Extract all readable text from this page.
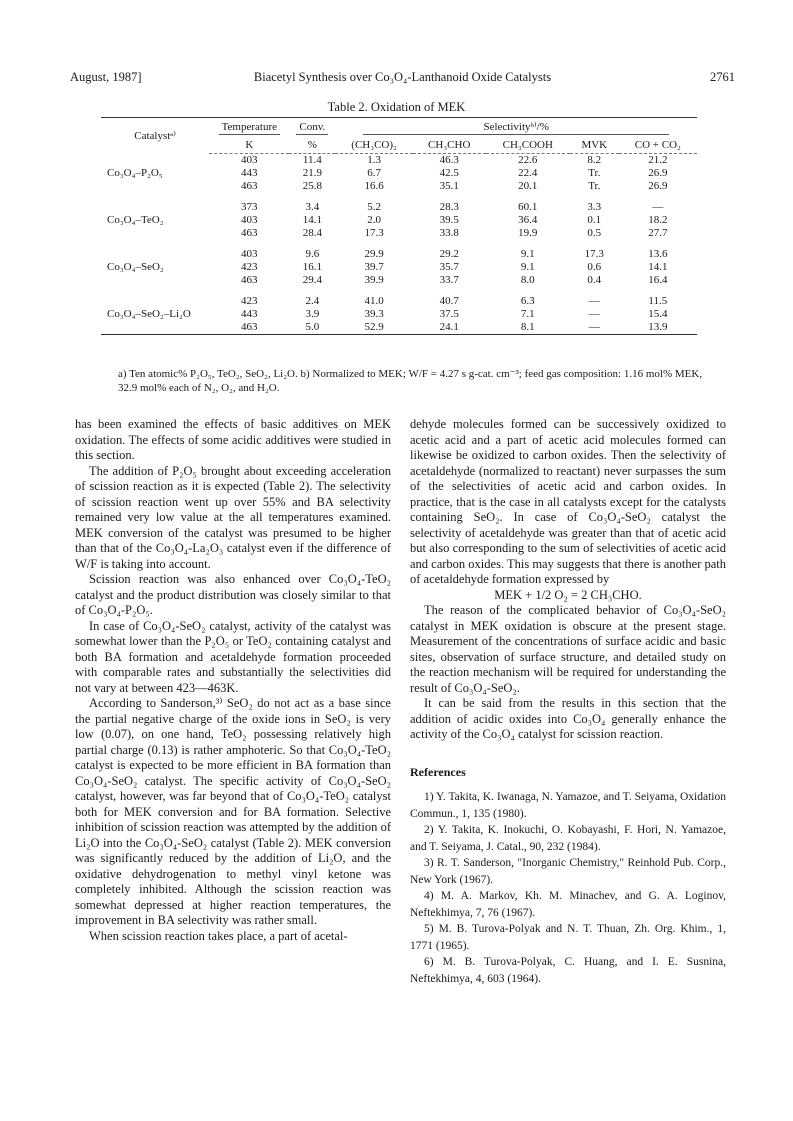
August, 1987]	Biacetyl Synthesis over Co₃O₄-Lanthanoid Oxide Catalysts	2761
Table 2. Oxidation of MEK
Catalystᵃ⁾	Temperature	Conv.	Selectivityᵇ⁾/%				
	K	%	(CH₃CO)₂	CH₃CHO	CH₃COOH	MVK	CO + CO₂
	403	11.4	1.3	46.3	22.6	8.2	21.2
Co₃O₄–P₂O₅	443	21.9	6.7	42.5	22.4	Tr.	26.9
	463	25.8	16.6	35.1	20.1	Tr.	26.9

	373	3.4	5.2	28.3	60.1	3.3	—
Co₃O₄–TeO₂	403	14.1	2.0	39.5	36.4	0.1	18.2
	463	28.4	17.3	33.8	19.9	0.5	27.7

	403	9.6	29.9	29.2	9.1	17.3	13.6
Co₃O₄–SeO₂	423	16.1	39.7	35.7	9.1	0.6	14.1
	463	29.4	39.9	33.7	8.0	0.4	16.4

	423	2.4	41.0	40.7	6.3	—	11.5
Co₃O₄–SeO₂–Li₂O	443	3.9	39.3	37.5	7.1	—	15.4
	463	5.0	52.9	24.1	8.1	—	13.9
a) Ten atomic% P₂O₅, TeO₂, SeO₂, Li₂O. b) Normalized to MEK; W/F = 4.27 s g-cat. cm⁻³; feed gas composition: 1.16 mol% MEK, 32.9 mol% each of N₂, O₂, and H₂O.

has been examined the effects of basic additives on MEK oxidation. The effects of some acidic additives were studied in this section.

The addition of P₂O₅ brought about exceeding acceleration of scission reaction as it is expected (Table 2). The selectivity of scission reaction went up over 55% and BA selectivity remained very low value at the all temperatures examined. MEK conversion of the catalyst was presumed to be higher than that of the Co₃O₄-La₂O₃ catalyst even if the difference of W/F is taking into account.

Scission reaction was also enhanced over Co₃O₄-TeO₂ catalyst and the product distribution was closely similar to that of Co₃O₄-P₂O₅.

In case of Co₃O₄-SeO₂ catalyst, activity of the catalyst was somewhat lower than the P₂O₅ or TeO₂ containing catalyst and both BA formation and acetaldehyde formation proceeded with comparable rates and substantially the selectivities did not vary at between 423—463K.

According to Sanderson,³⁾ SeO₂ do not act as a base since the partial negative charge of the oxide ions in SeO₂ is very low (0.07), on one hand, TeO₂ possessing relatively high partial charge (0.13) is rather amphoteric. So that Co₃O₄-TeO₂ catalyst is expected to be more efficient in BA formation than Co₃O₄-SeO₂ catalyst. The specific activity of Co₃O₄-SeO₂ catalyst, however, was far beyond that of Co₃O₄-TeO₂ catalyst both for MEK conversion and for BA formation. Selective inhibition of scission reaction was attempted by the addition of Li₂O into the Co₃O₄-SeO₂ catalyst (Table 2). MEK conversion was significantly reduced by the addition of Li₂O, and the oxidative dehydrogenation to methyl vinyl ketone was completely inhibited. Although the scission reaction was somewhat depressed at higher reaction temperatures, the improvement in BA selectivity was rather small.

When scission reaction takes place, a part of acetal-

dehyde molecules formed can be successively oxidized to acetic acid and a part of acetic acid molecules formed can likewise be oxidized to carbon oxides. Then the selectivity of acetaldehyde (normalized to reactant) never surpasses the sum of the selectivities of acetic acid and carbon oxides. In practice, that is the case in all catalysts except for the catalysts containing SeO₂. In case of Co₃O₄-SeO₂ catalyst the selectivity of acetaldehyde was greater than that of acetic acid but also corresponding to the sum of selectivities of acetic acid and carbon oxides. This may suggests that there is another path of acetaldehyde formation expressed by

MEK + 1/2 O₂ = 2 CH₃CHO.

The reason of the complicated behavior of Co₃O₄-SeO₂ catalyst in MEK oxidation is obscure at the present stage. Measurement of the concentrations of surface acidic and basic sites, observation of surface structure, and detailed study on the reaction mechanism will be required for understanding the result of Co₃O₄-SeO₂.

It can be said from the results in this section that the addition of acidic oxides into Co₃O₄ generally enhance the activity of the Co₃O₄ catalyst for scission reaction.

References

1) Y. Takita, K. Iwanaga, N. Yamazoe, and T. Seiyama, Oxidation Commun., 1, 135 (1980).

2) Y. Takita, K. Inokuchi, O. Kobayashi, F. Hori, N. Yamazoe, and T. Seiyama, J. Catal., 90, 232 (1984).

3) R. T. Sanderson, "Inorganic Chemistry," Reinhold Pub. Corp., New York (1967).

4) M. A. Markov, Kh. M. Minachev, and G. A. Loginov, Neftekhimya, 7, 76 (1967).

5) M. B. Turova-Polyak and N. T. Thuan, Zh. Org. Khim., 1, 1771 (1965).

6) M. B. Turova-Polyak, C. Huang, and I. E. Susnina, Neftekhimya, 4, 603 (1964).
